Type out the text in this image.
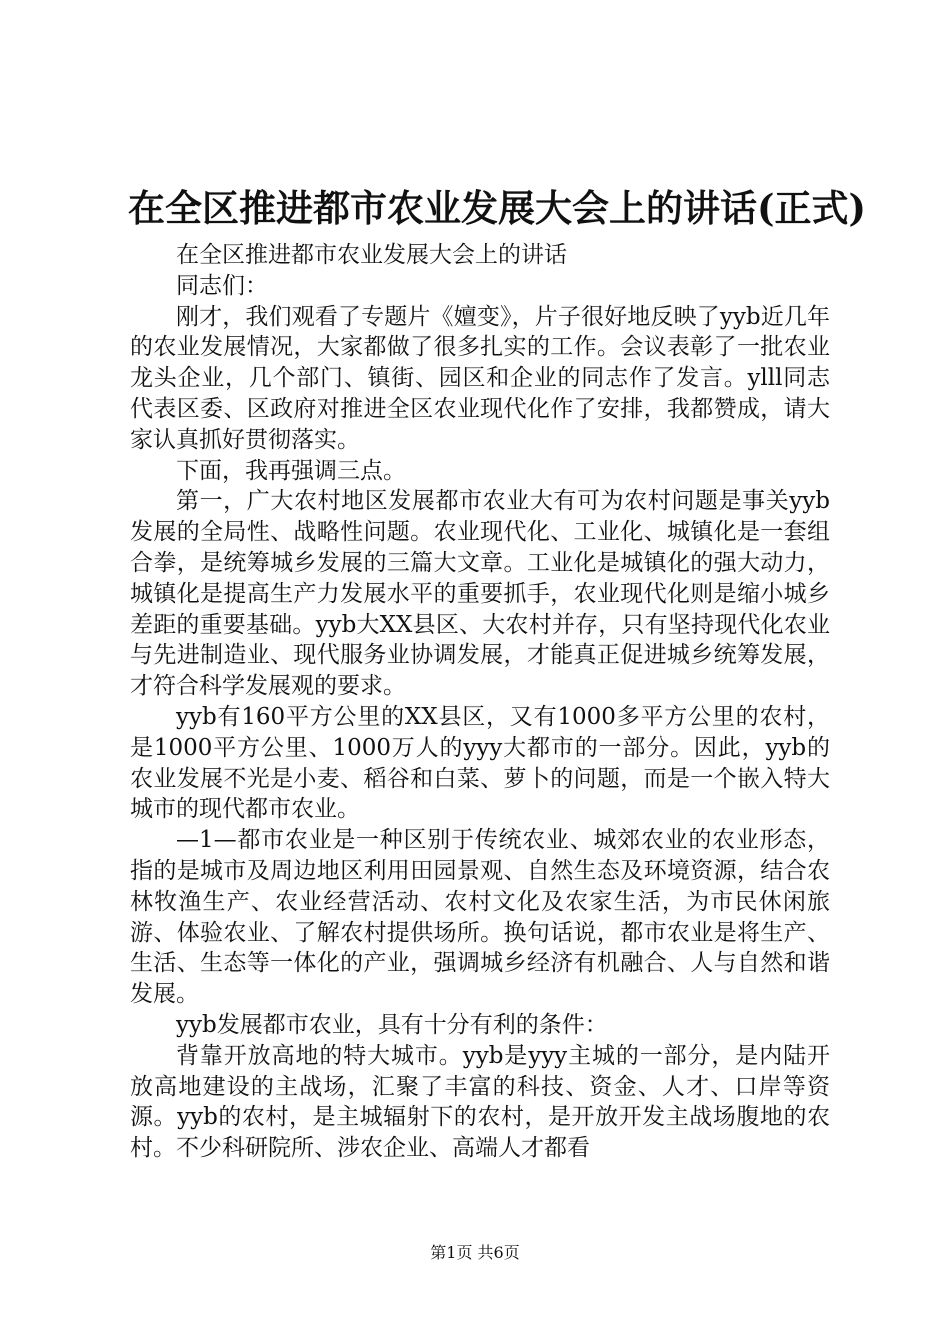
在全区推进都市农业发展大会上的讲话(正式)

在全区推进都市农业发展大会上的讲话

同志们：

刚才，我们观看了专题片《嬗变》，片子很好地反映了yyb近几年的农业发展情况，大家都做了很多扎实的工作。会议表彰了一批农业龙头企业，几个部门、镇街、园区和企业的同志作了发言。ylll同志代表区委、区政府对推进全区农业现代化作了安排，我都赞成，请大家认真抓好贯彻落实。

下面，我再强调三点。

第一，广大农村地区发展都市农业大有可为农村问题是事关yyb发展的全局性、战略性问题。农业现代化、工业化、城镇化是一套组合拳，是统筹城乡发展的三篇大文章。工业化是城镇化的强大动力，城镇化是提高生产力发展水平的重要抓手，农业现代化则是缩小城乡差距的重要基础。yyb大XX县区、大农村并存，只有坚持现代化农业与先进制造业、现代服务业协调发展，才能真正促进城乡统筹发展，才符合科学发展观的要求。

yyb有160平方公里的XX县区，又有1000多平方公里的农村，是1000平方公里、1000万人的yyy大都市的一部分。因此，yyb的农业发展不光是小麦、稻谷和白菜、萝卜的问题，而是一个嵌入特大城市的现代都市农业。

—1—都市农业是一种区别于传统农业、城郊农业的农业形态，指的是城市及周边地区利用田园景观、自然生态及环境资源，结合农林牧渔生产、农业经营活动、农村文化及农家生活，为市民休闲旅游、体验农业、了解农村提供场所。换句话说，都市农业是将生产、生活、生态等一体化的产业，强调城乡经济有机融合、人与自然和谐发展。

yyb发展都市农业，具有十分有利的条件：

背靠开放高地的特大城市。yyb是yyy主城的一部分，是内陆开放高地建设的主战场，汇聚了丰富的科技、资金、人才、口岸等资源。yyb的农村，是主城辐射下的农村，是开放开发主战场腹地的农村。不少科研院所、涉农企业、高端人才都看

第1页 共6页
